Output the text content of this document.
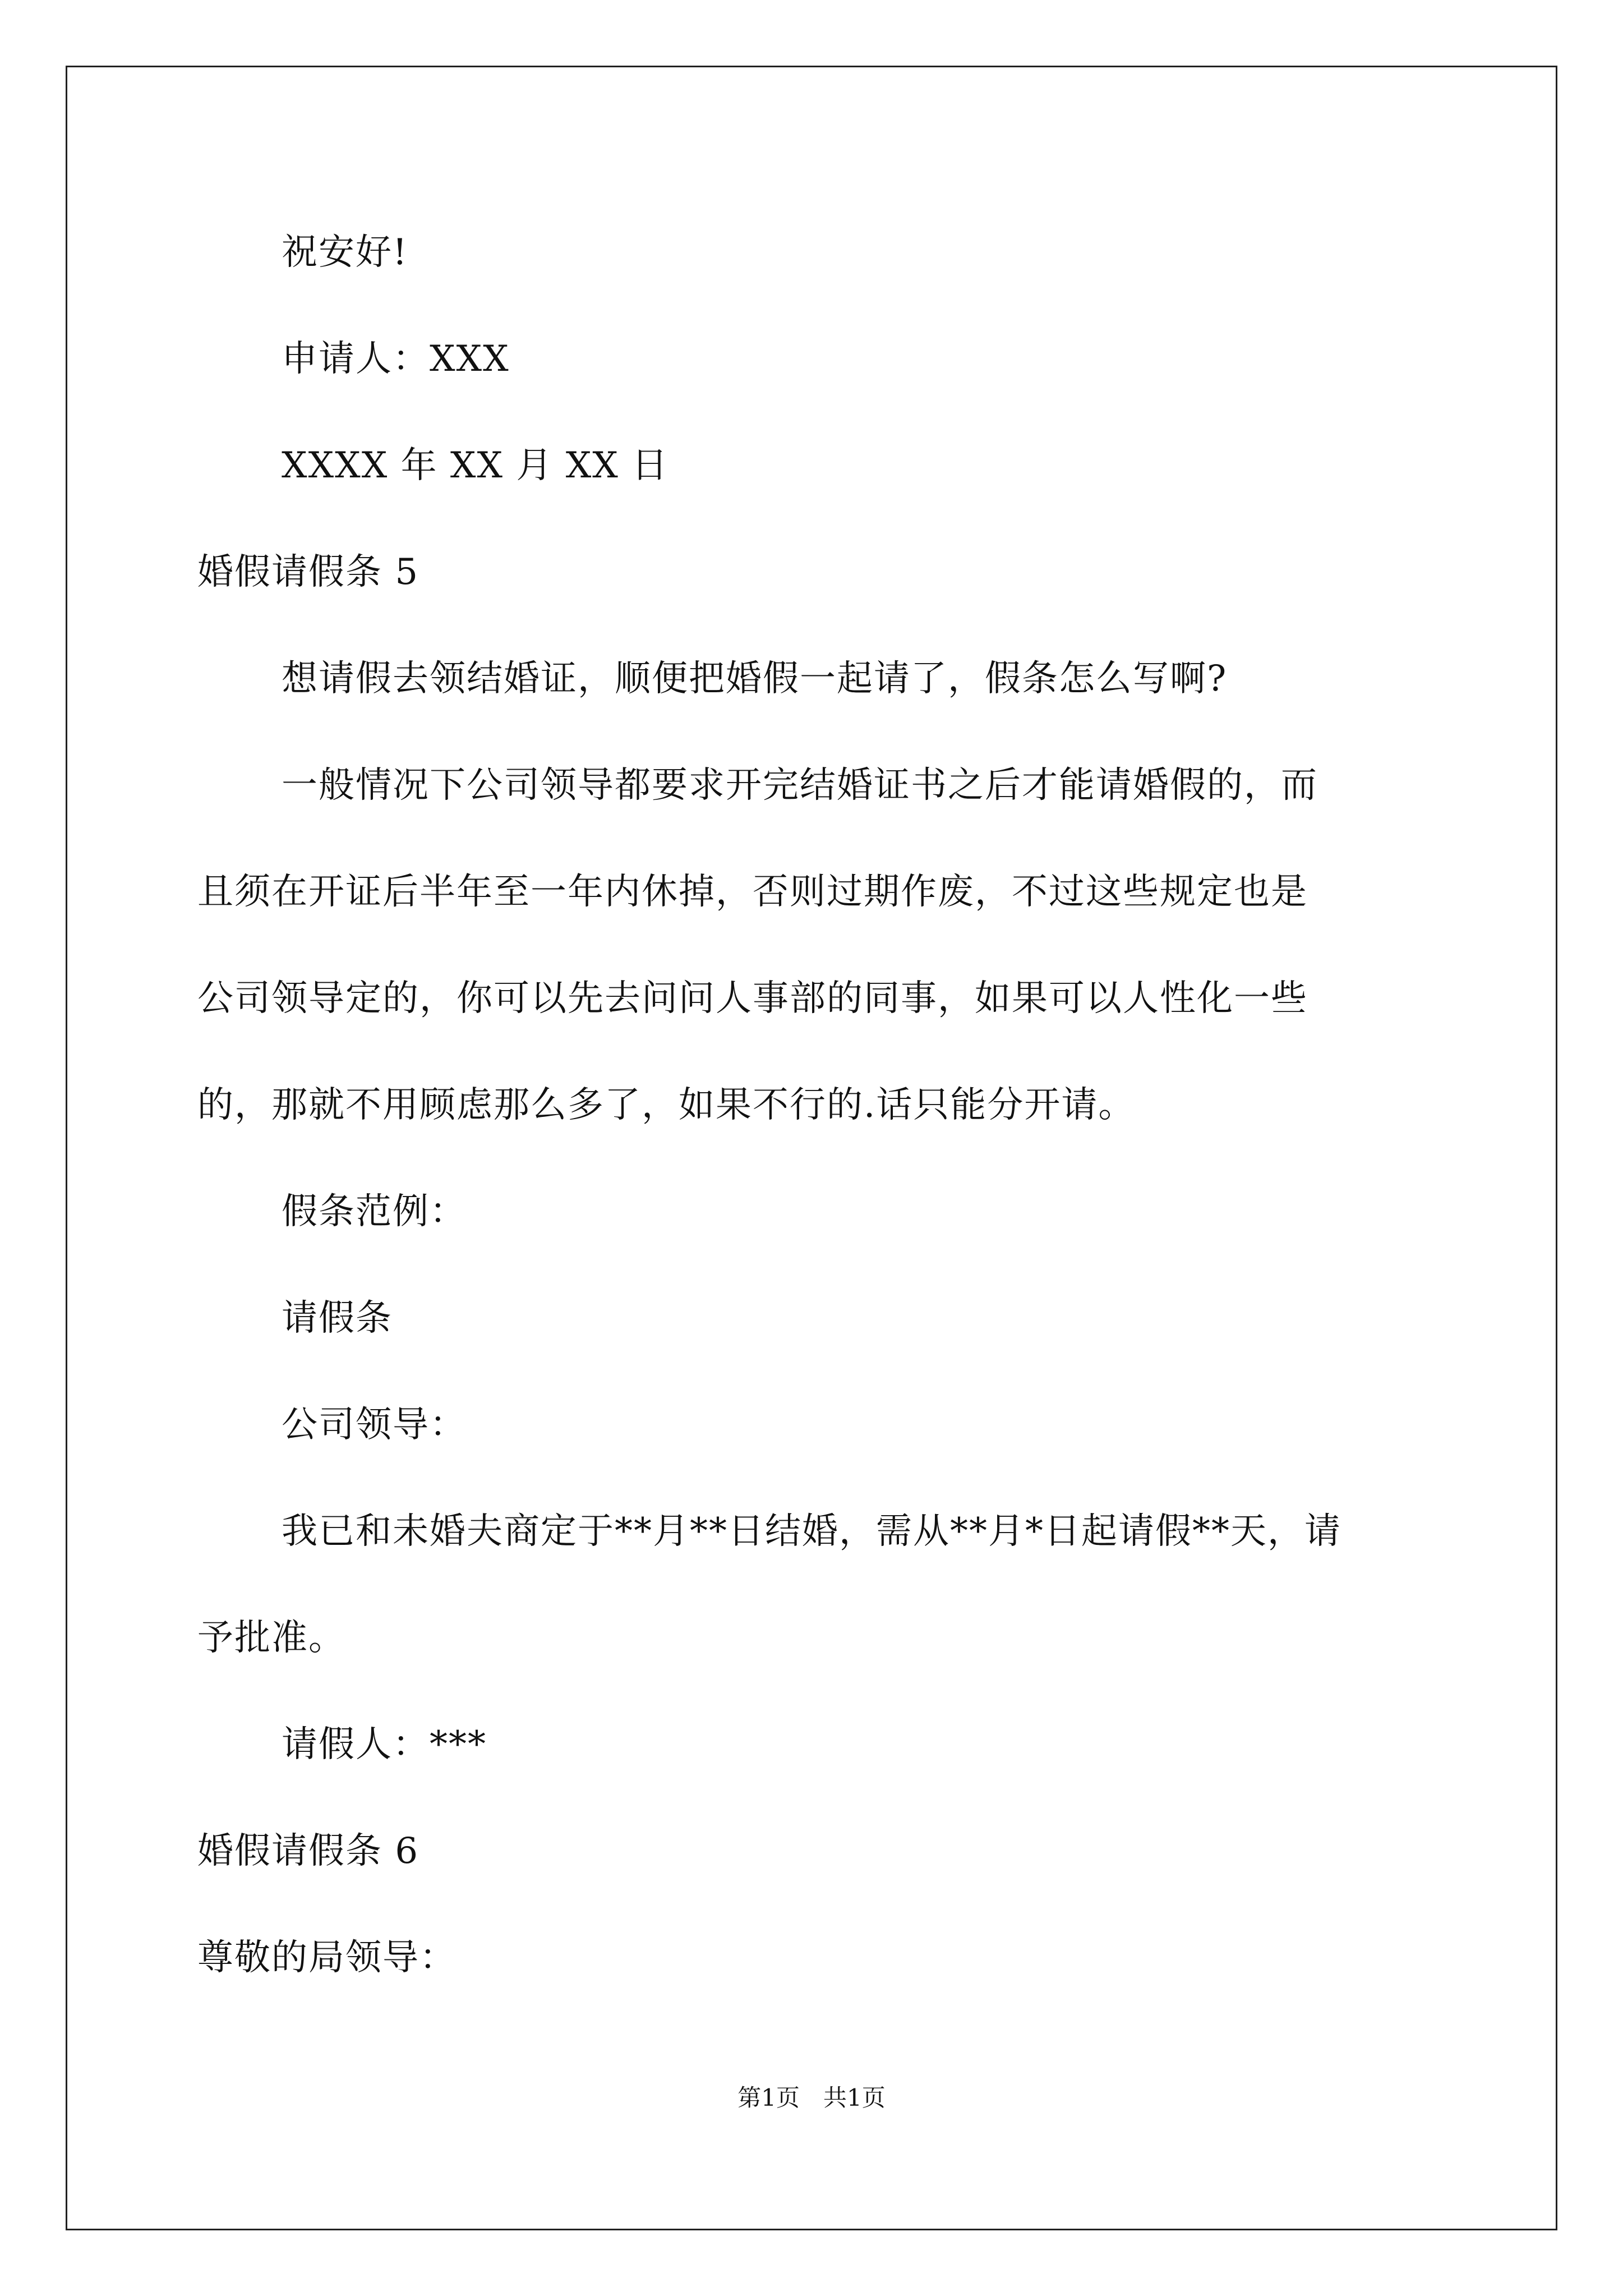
祝安好!
申请人：XXX
XXXX 年 XX 月 XX 日
婚假请假条 5
想请假去领结婚证，顺便把婚假一起请了，假条怎么写啊?
一般情况下公司领导都要求开完结婚证书之后才能请婚假的，而
且须在开证后半年至一年内休掉，否则过期作废，不过这些规定也是
公司领导定的，你可以先去问问人事部的同事，如果可以人性化一些
的，那就不用顾虑那么多了，如果不行的.话只能分开请。
假条范例：
请假条
公司领导：
我已和未婚夫商定于**月**日结婚，需从**月*日起请假**天，请
予批准。
请假人：***
婚假请假条 6
尊敬的局领导：
第1页　共1页
